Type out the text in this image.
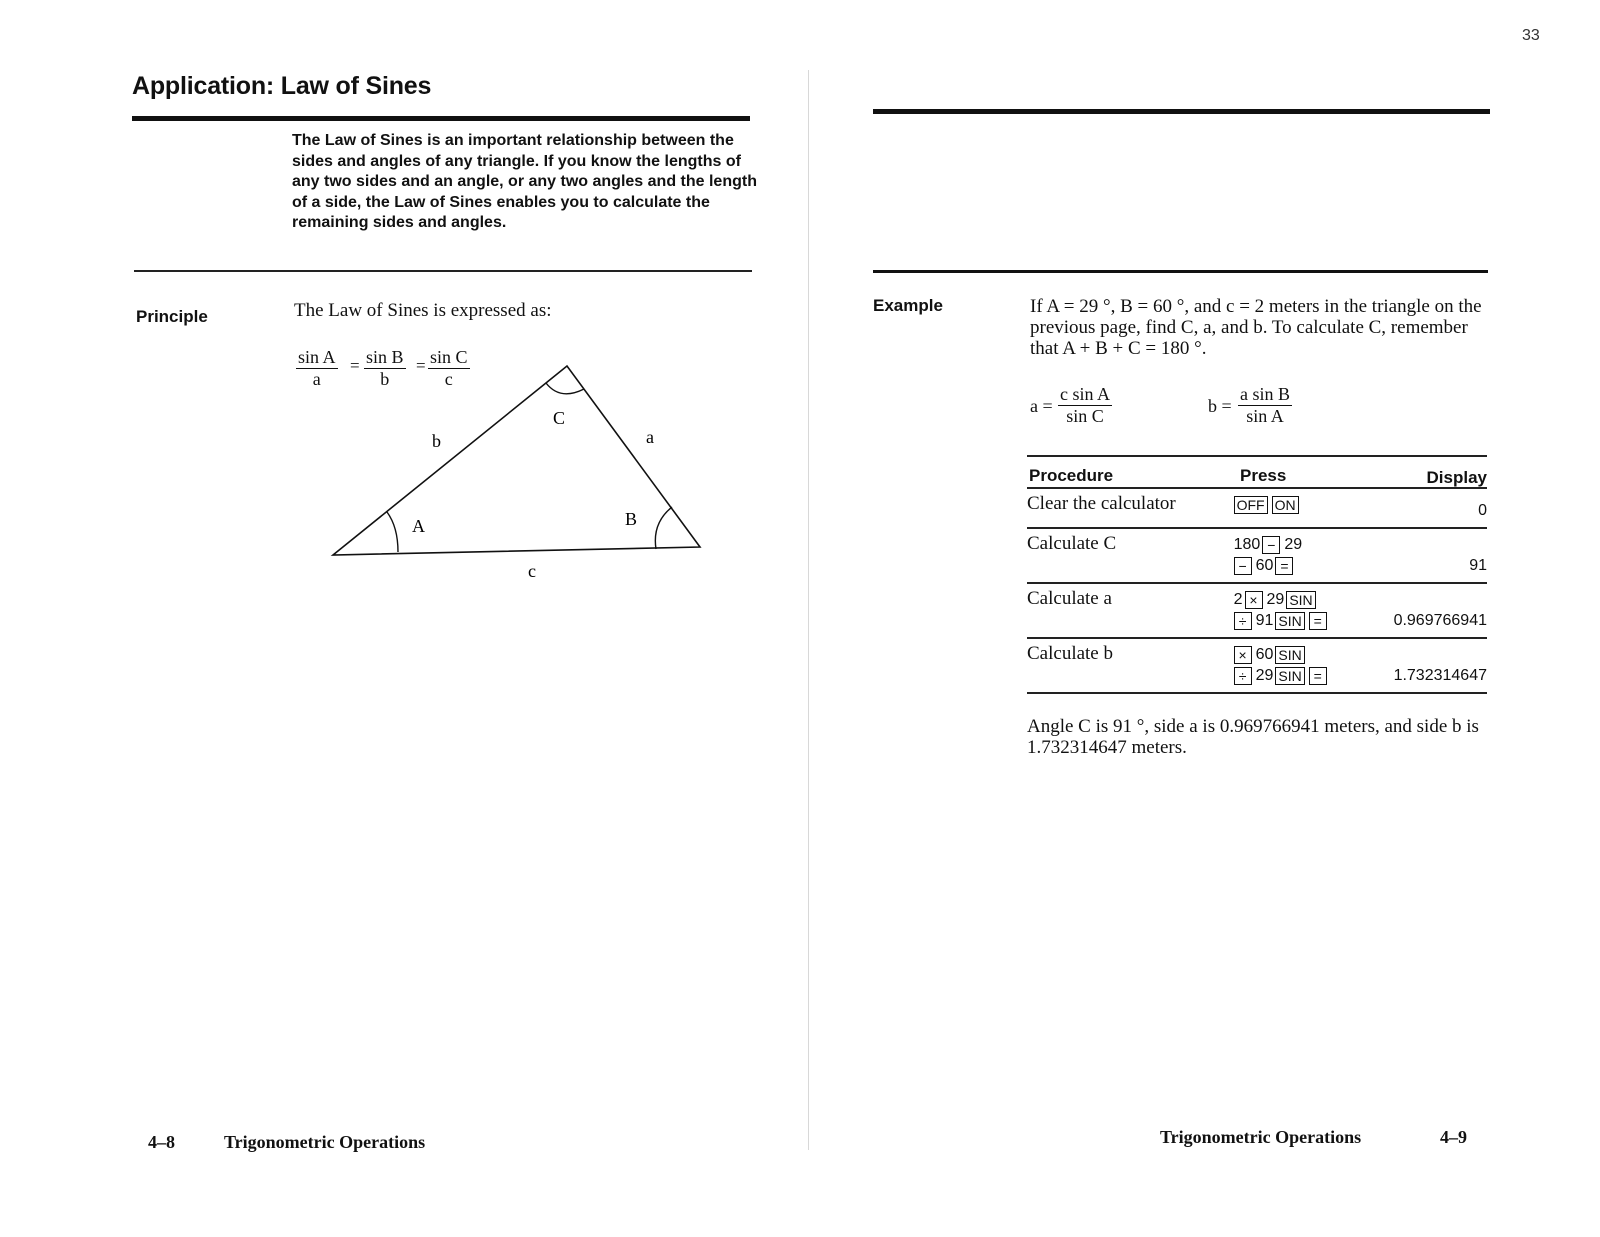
33
Application: Law of Sines
The Law of Sines is an important relationship between the sides and angles of any triangle. If you know the lengths of any two sides and an angle, or any two angles and the length of a side, the Law of Sines enables you to calculate the remaining sides and angles.
Principle	The Law of Sines is expressed as:
$\frac{\text{sin A}}{a} = \frac{\text{sin B}}{b} = \frac{\text{sin C}}{c}$
A	B
C
a
b
c
4–8	Trigonometric Operations
Example	If A = 29 °, B = 60 °, and c = 2 meters in the triangle on the previous page, find C, a, and b. To calculate C, remember that A + B + C = 180 °.
$a = \frac{\text{c sin A}}{\text{sin C}}$	$b = \frac{\text{a sin B}}{\text{sin A}}$
Procedure	Press	Display
Clear the calculator	OFF ON	0
Calculate C	180 − 29
− 60 =	91
Calculate a	2 × 29 SIN
÷ 91 SIN =	0.969766941
Calculate b	× 60 SIN
÷ 29 SIN =	1.732314647
Angle C is 91 °, side a is 0.969766941 meters, and side b is 1.732314647 meters.
Trigonometric Operations	4–9
